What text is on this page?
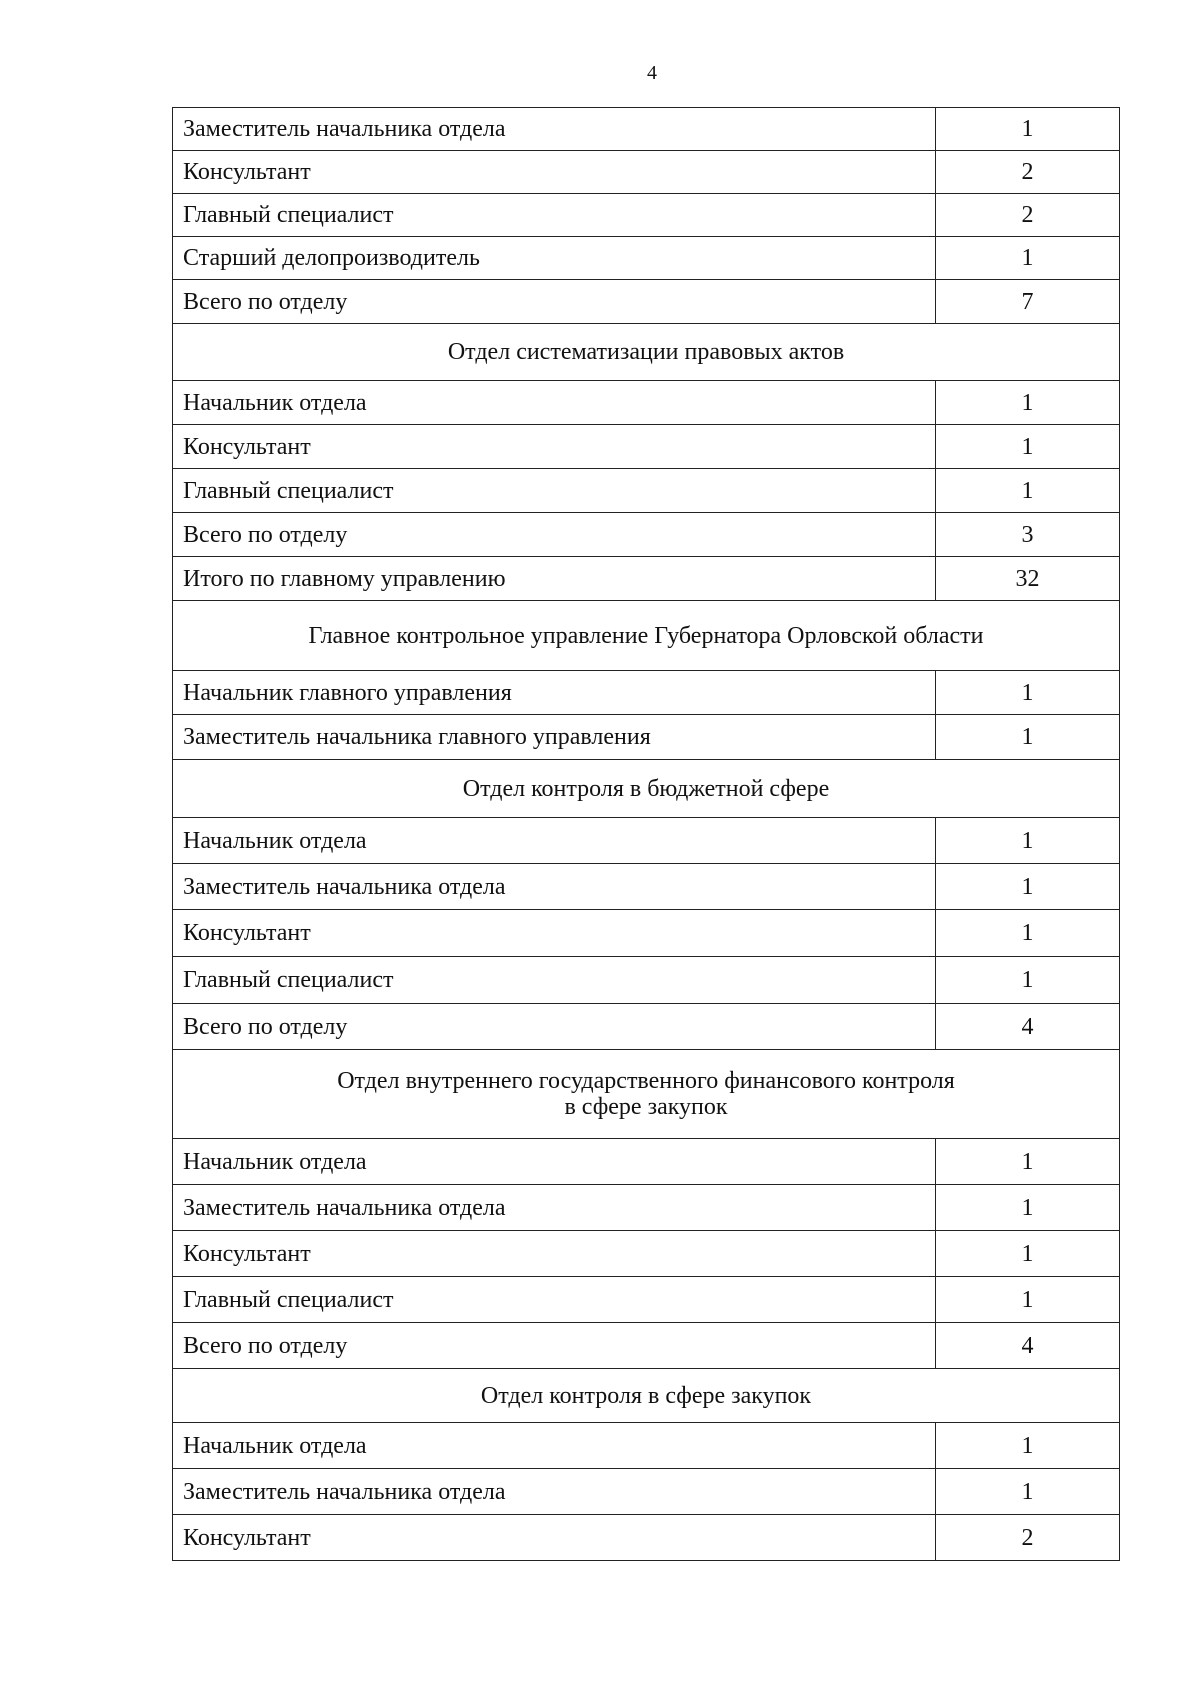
4
Заместитель начальника отдела	1
Консультант	2
Главный специалист	2
Старший делопроизводитель	1
Всего по отделу	7

Отдел систематизации правовых актов	

Начальник отдела	1
Консультант	1
Главный специалист	1
Всего по отделу	3
Итого по главному управлению	32

Главное контрольное управление Губернатора Орловской области	

Начальник главного управления	1
Заместитель начальника главного управления	1

Отдел контроля в бюджетной сфере	

Начальник отдела	1
Заместитель начальника отдела	1
Консультант	1
Главный специалист	1
Всего по отделу	4

Отдел внутреннего государственного финансового контроля
в сфере закупок	

Начальник отдела	1
Заместитель начальника отдела	1
Консультант	1
Главный специалист	1
Всего по отделу	4

Отдел контроля в сфере закупок	

Начальник отдела	1
Заместитель начальника отдела	1
Консультант	2
